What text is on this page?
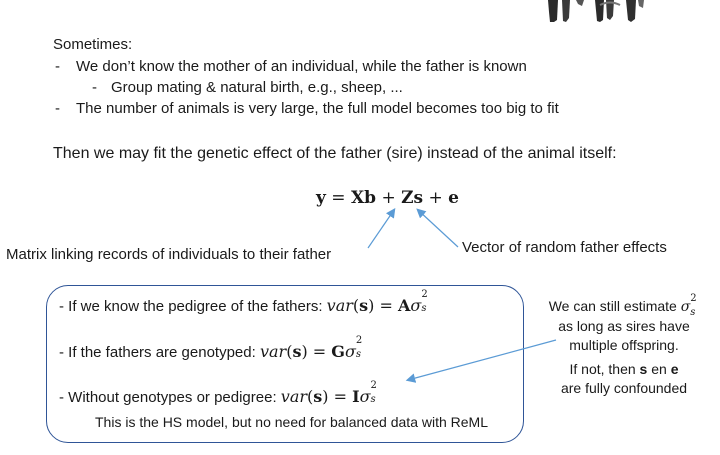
Sometimes:
- We don’t know the mother of an individual, while the father is known
- Group mating & natural birth, e.g., sheep, ...
- The number of animals is very large, the full model becomes too big to fit
Then we may fit the genetic effect of the father (sire) instead of the animal itself:
y = Xb + Zs + e
Matrix linking records of individuals to their father	Vector of random father effects
- If we know the pedigree of the fathers: var(s) = Aσ
2
s
- If the fathers are genotyped: var(s) = Gσ
2
s
- Without genotypes or pedigree: var(s) = Iσ
2
s
This is the HS model, but no need for balanced data with ReML
We can still estimate σ
2
s
as long as sires have
multiple offspring.
If not, then s en e
are fully confounded
